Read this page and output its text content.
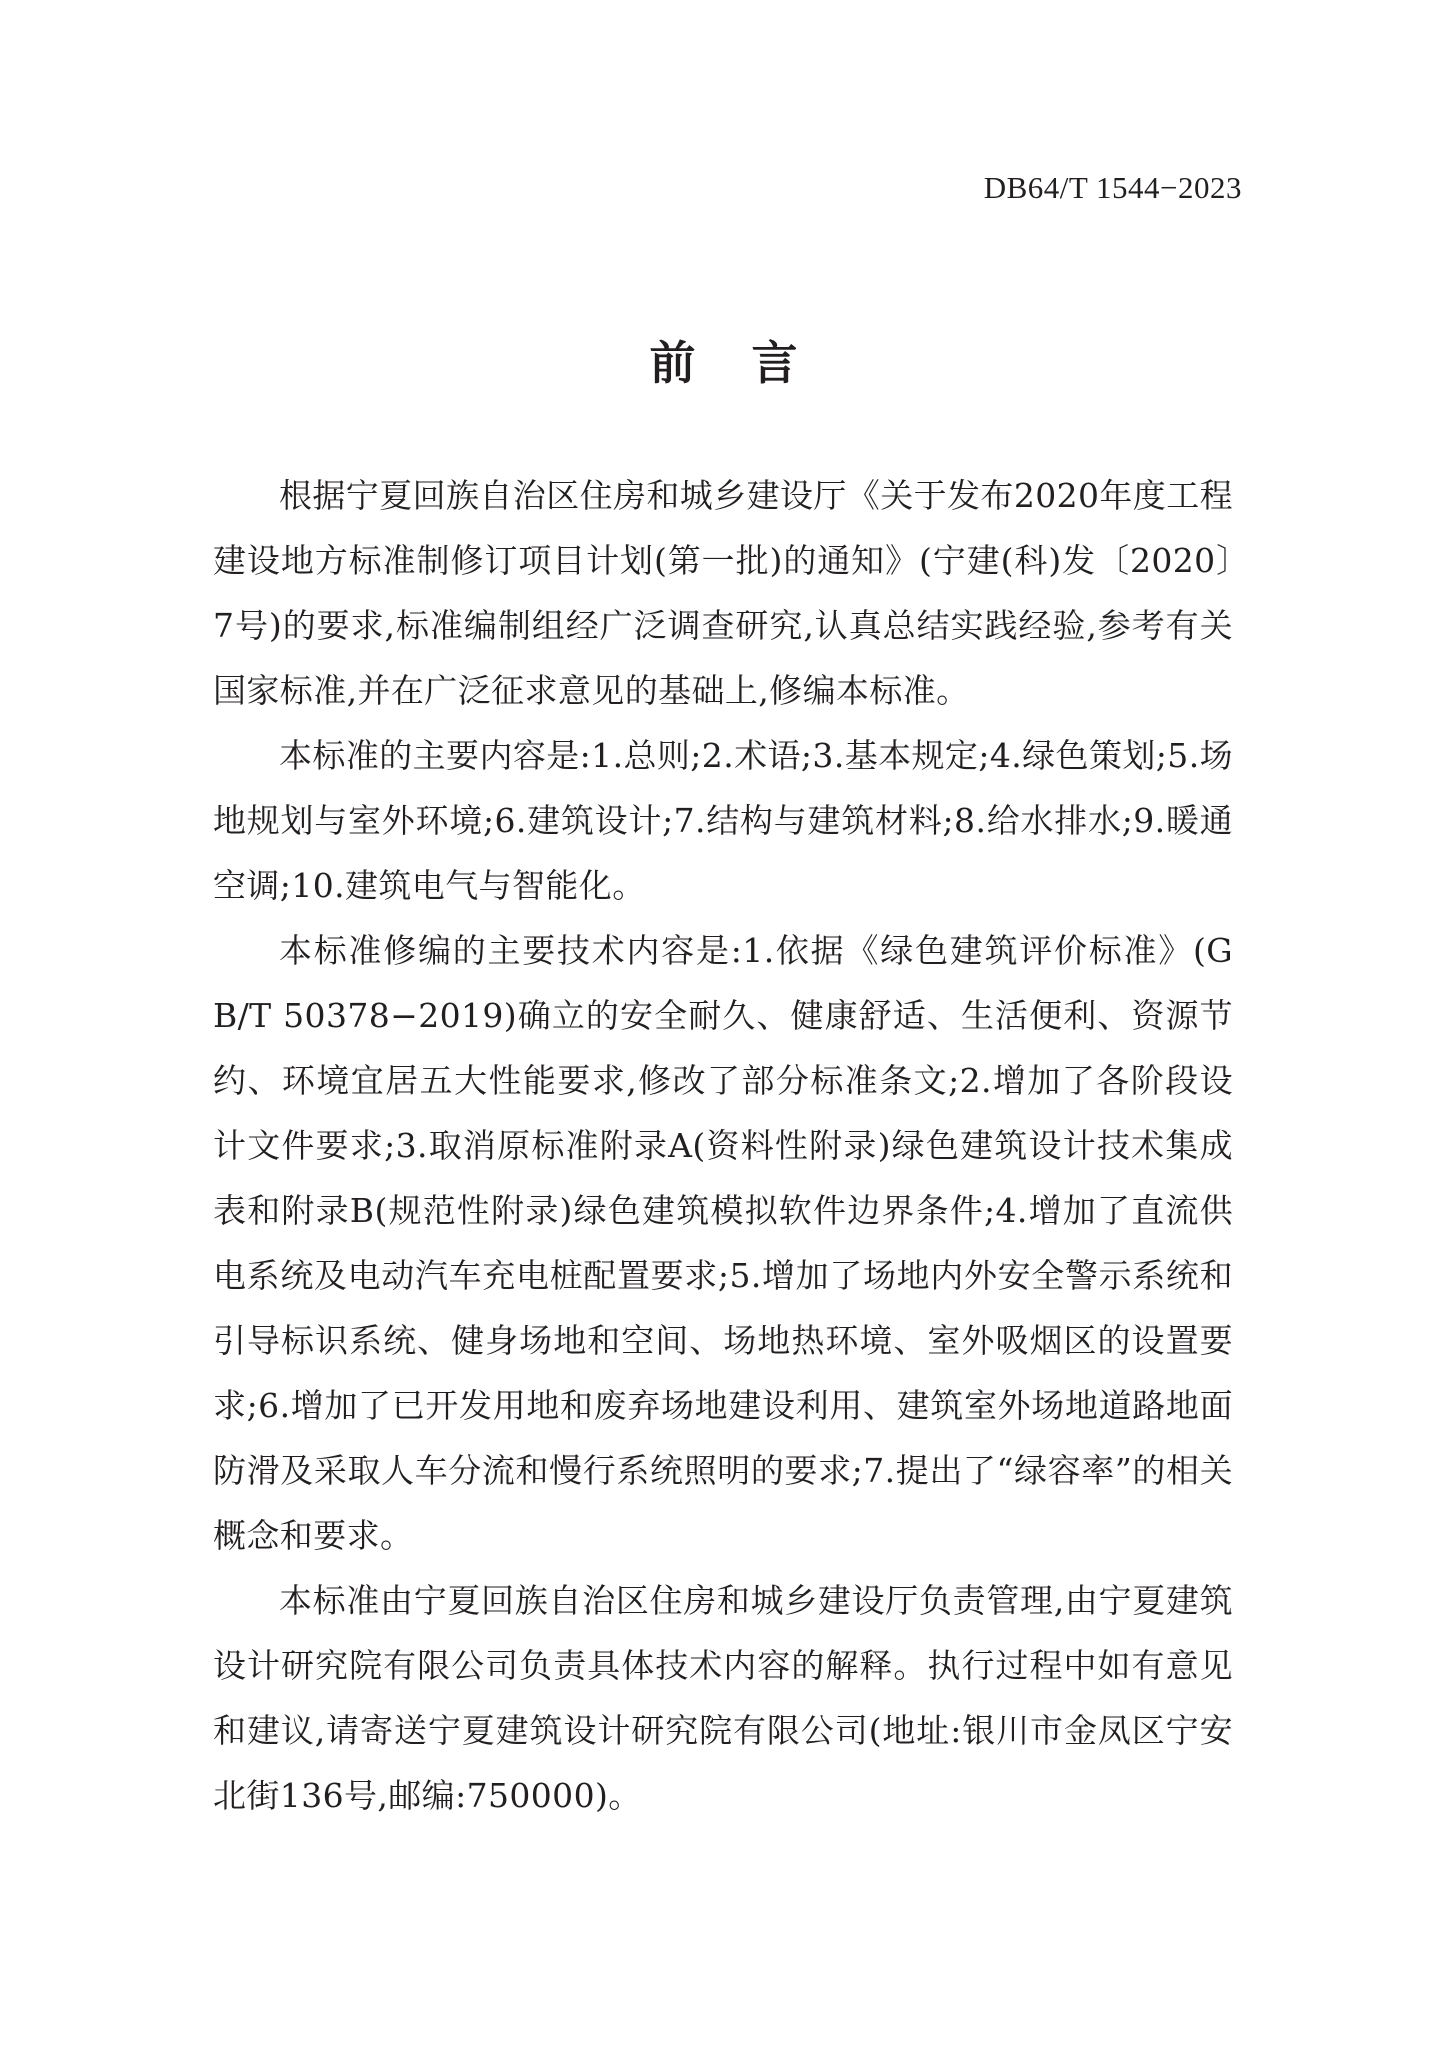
DB64/T 1544−2023
前 言

根据宁夏回族自治区住房和城乡建设厅《关于发布2020年度工程建设地方标准制修订项目计划(第一批)的通知》(宁建(科)发〔2020〕7号)的要求,标准编制组经广泛调查研究,认真总结实践经验,参考有关国家标准,并在广泛征求意见的基础上,修编本标准。

本标准的主要内容是:1.总则;2.术语;3.基本规定;4.绿色策划;5.场地规划与室外环境;6.建筑设计;7.结构与建筑材料;8.给水排水;9.暖通空调;10.建筑电气与智能化。

本标准修编的主要技术内容是:1.依据《绿色建筑评价标准》(GB/T 50378−2019)确立的安全耐久、健康舒适、生活便利、资源节约、环境宜居五大性能要求,修改了部分标准条文;2.增加了各阶段设计文件要求;3.取消原标准附录A(资料性附录)绿色建筑设计技术集成表和附录B(规范性附录)绿色建筑模拟软件边界条件;4.增加了直流供电系统及电动汽车充电桩配置要求;5.增加了场地内外安全警示系统和引导标识系统、健身场地和空间、场地热环境、室外吸烟区的设置要求;6.增加了已开发用地和废弃场地建设利用、建筑室外场地道路地面防滑及采取人车分流和慢行系统照明的要求;7.提出了“绿容率”的相关概念和要求。

本标准由宁夏回族自治区住房和城乡建设厅负责管理,由宁夏建筑设计研究院有限公司负责具体技术内容的解释。执行过程中如有意见和建议,请寄送宁夏建筑设计研究院有限公司(地址:银川市金凤区宁安北街136号,邮编:750000)。
